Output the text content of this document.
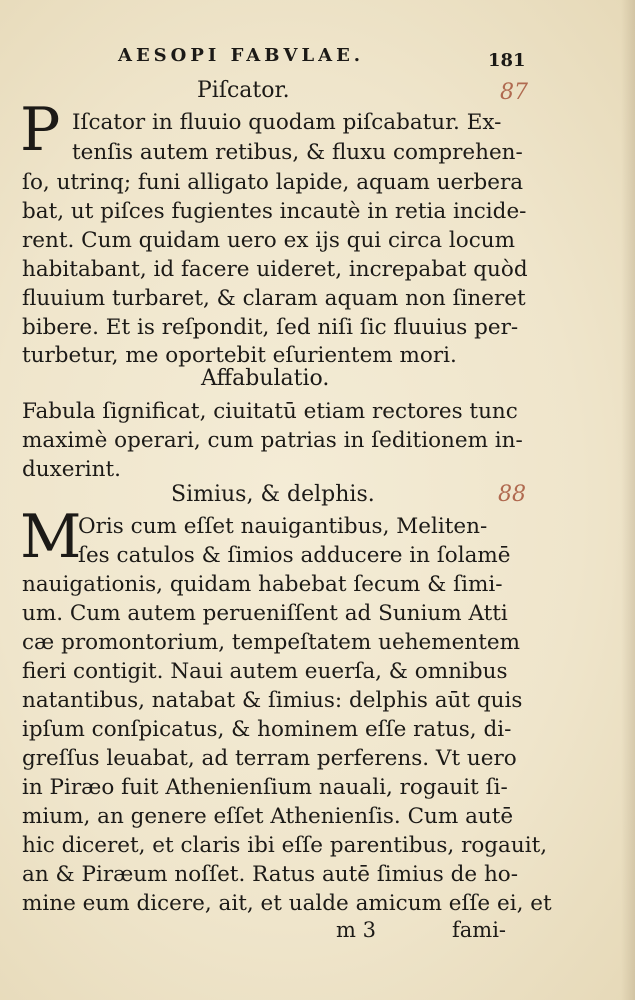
AESOPI FABVLAE.	181
87
88
Piſcator.
P Iſcator in fluuio quodam piſcabatur. Ex-
tenſis autem retibus, & fluxu comprehen-
ſo, utrinq; funi alligato lapide, aquam uerbera
bat, ut piſces fugientes incautè in retia incide-
rent. Cum quidam uero ex ijs qui circa locum
habitabant, id facere uideret, increpabat quòd
fluuium turbaret, & claram aquam non ſineret
bibere. Et is reſpondit, ſed niſi ſic fluuius per-
turbetur, me oportebit eſurientem mori.
Affabulatio.
Fabula ſignificat, ciuitatū etiam rectores tunc
maximè operari, cum patrias in ſeditionem in-
duxerint.
Simius, & delphis.
M
Oris cum eſſet nauigantibus, Meliten-
ſes catulos & ſimios adducere in ſolamē
nauigationis, quidam habebat ſecum & ſimi-
um. Cum autem perueniſſent ad Sunium Atti
cæ promontorium, tempeſtatem uehementem
fieri contigit. Naui autem euerſa, & omnibus
natantibus, natabat & ſimius: delphis aūt quis
ipſum conſpicatus, & hominem eſſe ratus, di-
greſſus leuabat, ad terram perferens. Vt uero
in Piræo fuit Athenienſium nauali, rogauit ſi-
mium, an genere eſſet Athenienſis. Cum autē
hic diceret, et claris ibi eſſe parentibus, rogauit,
an & Piræum noſſet. Ratus autē ſimius de ho-
mine eum dicere, ait, et ualde amicum eſſe ei, et
m 3	fami-
